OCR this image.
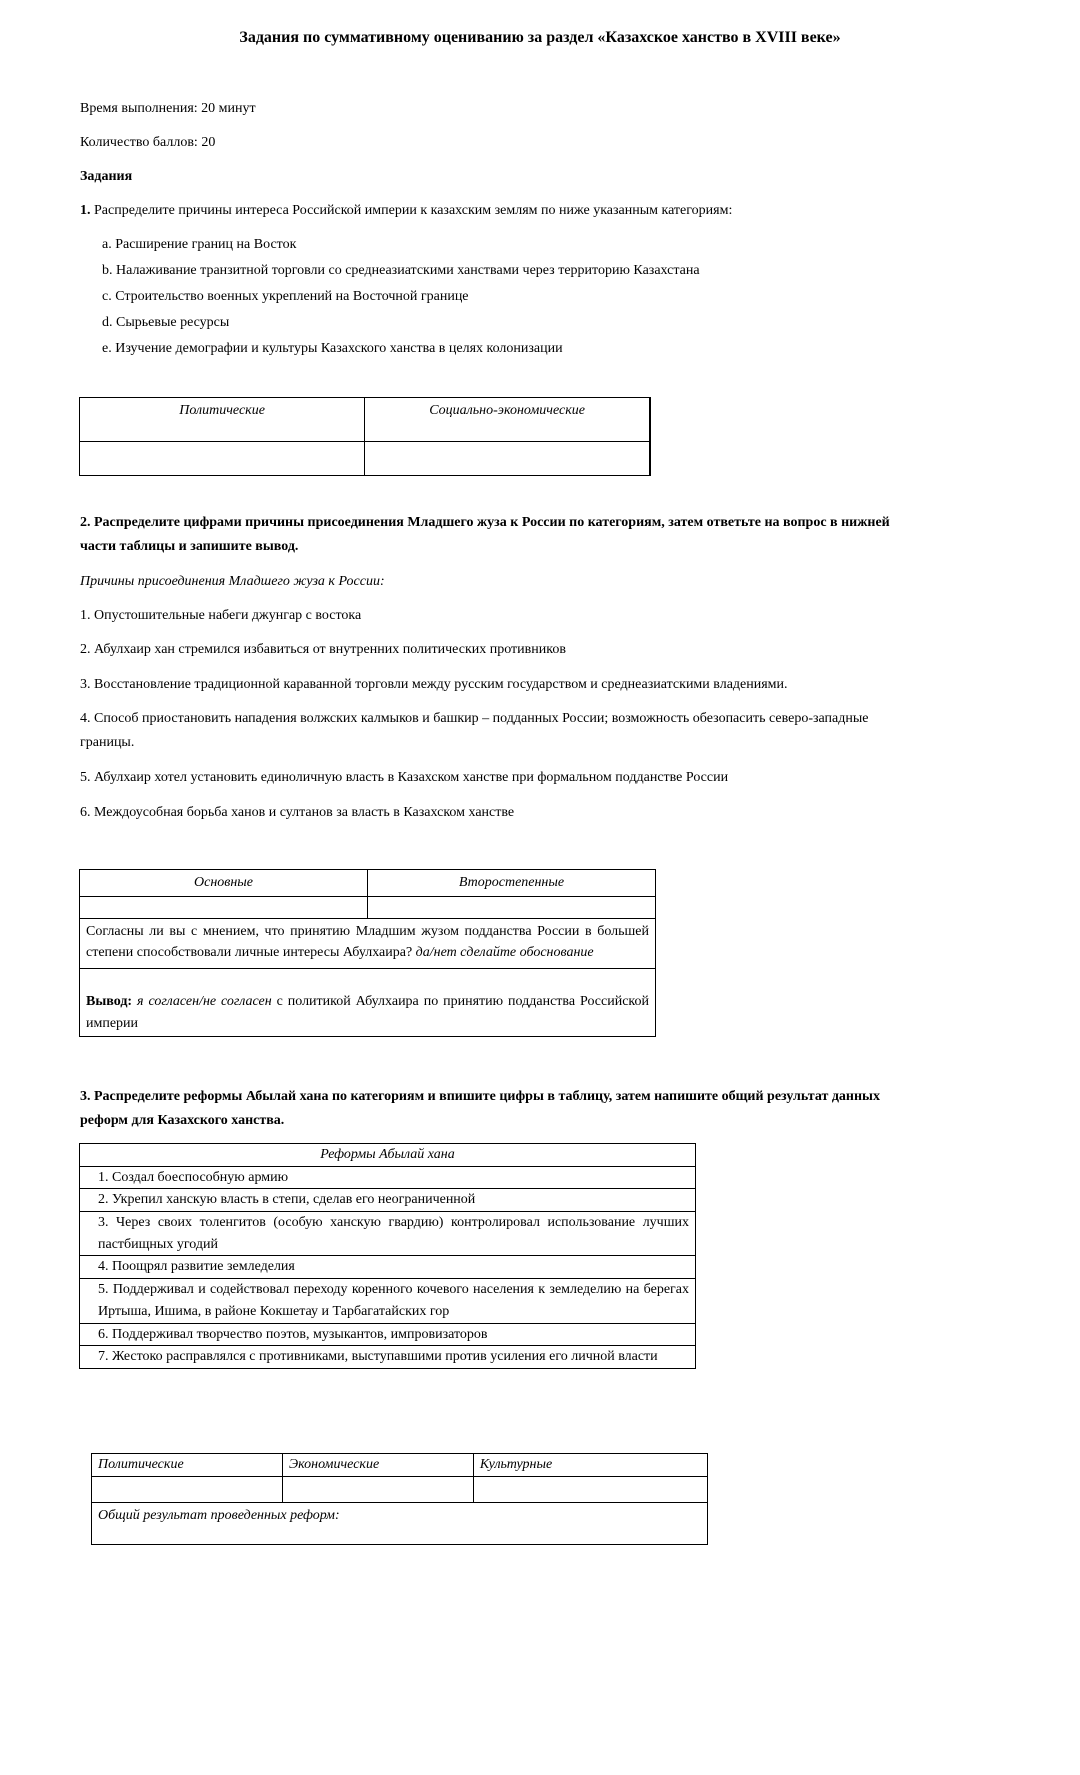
Задания по суммативному оцениванию за раздел «Казахское ханство в XVIII веке»
Время выполнения: 20 минут
Количество баллов: 20
Задания
1. Распределите причины интереса Российской империи к казахским землям по ниже указанным категориям:
a. Расширение границ на Восток
b. Налаживание транзитной торговли со среднеазиатскими ханствами через территорию Казахстана
c. Строительство военных укреплений на Восточной границе
d. Сырьевые ресурсы
e. Изучение демографии и культуры Казахского ханства в целях колонизации
Политические	Социально-экономические

2. Распределите цифрами причины присоединения Младшего жуза к России по категориям, затем ответьте на вопрос в нижней
части таблицы и запишите вывод.
Причины присоединения Младшего жуза к России:
1. Опустошительные набеги джунгар с востока
2. Абулхаир хан стремился избавиться от внутренних политических противников
3. Восстановление традиционной караванной торговли между русским государством и среднеазиатскими владениями.
4. Способ приостановить нападения волжских калмыков и башкир – подданных России; возможность обезопасить северо-западные
границы.
5. Абулхаир хотел установить единоличную власть в Казахском ханстве при формальном подданстве России
6. Междоусобная борьба ханов и султанов за власть в Казахском ханстве
Основные	Второстепенные

Согласны ли вы с мнением, что принятию Младшим жузом подданства России в большей степени способствовали личные интересы Абулхаира? да/нет сделайте обоснование	
Вывод: я согласен/не согласен с политикой Абулхаира по принятию подданства Российской империи	
3. Распределите реформы Абылай хана по категориям и впишите цифры в таблицу, затем напишите общий результат данных
реформ для Казахского ханства.
Реформы Абылай хана
1. Создал боеспособную армию
2. Укрепил ханскую власть в степи, сделав его неограниченной
3. Через своих толенгитов (особую ханскую гвардию) контролировал использование лучших пастбищных угодий
4. Поощрял развитие земледелия
5. Поддерживал и содействовал переходу коренного кочевого населения к земледелию на берегах Иртыша, Ишима, в районе Кокшетау и Тарбагатайских гор
6. Поддерживал творчество поэтов, музыкантов, импровизаторов
7. Жестоко расправлялся с противниками, выступавшими против усиления его личной власти
Политические	Экономические	Культурные

Общий результат проведенных реформ:		
